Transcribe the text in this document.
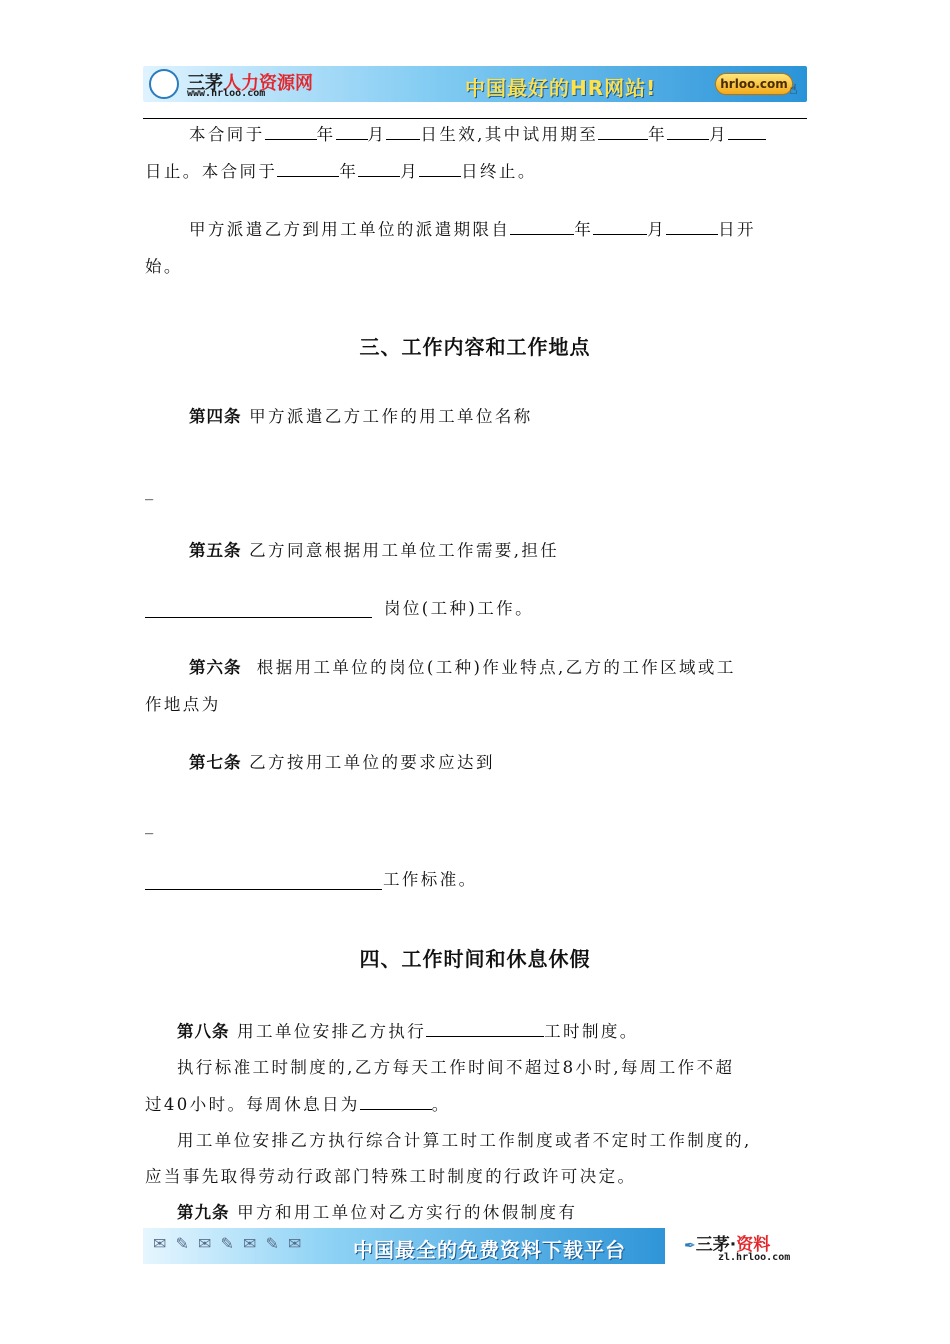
三茅人力资源网
www.hrloo.com	中国最好的HR网站!	hrloo.com ☝
本合同于	年 月 日生效,其中试用期至	年	月
日止。本合同于	年	月	日终止。
甲方派遣乙方到用工单位的派遣期限自	年	月	日开
始。
三、工作内容和工作地点
第四条 甲方派遣乙方工作的用工单位名称
_
第五条 乙方同意根据用工单位工作需要,担任
岗位(工种)工作。
第六条 根据用工单位的岗位(工种)作业特点,乙方的工作区域或工
作地点为
第七条 乙方按用工单位的要求应达到
_
工作标准。
四、工作时间和休息休假
第八条 用工单位安排乙方执行	工时制度。
执行标准工时制度的,乙方每天工作时间不超过8小时,每周工作不超
过40小时。每周休息日为	。
用工单位安排乙方执行综合计算工时工作制度或者不定时工作制度的,
应当事先取得劳动行政部门特殊工时制度的行政许可决定。
第九条 甲方和用工单位对乙方实行的休假制度有
✉ ✎ ✉ ✎ ✉ ✎ ✉ 中国最全的免费资料下载平台	✒三茅·资料
zl.hrloo.com
